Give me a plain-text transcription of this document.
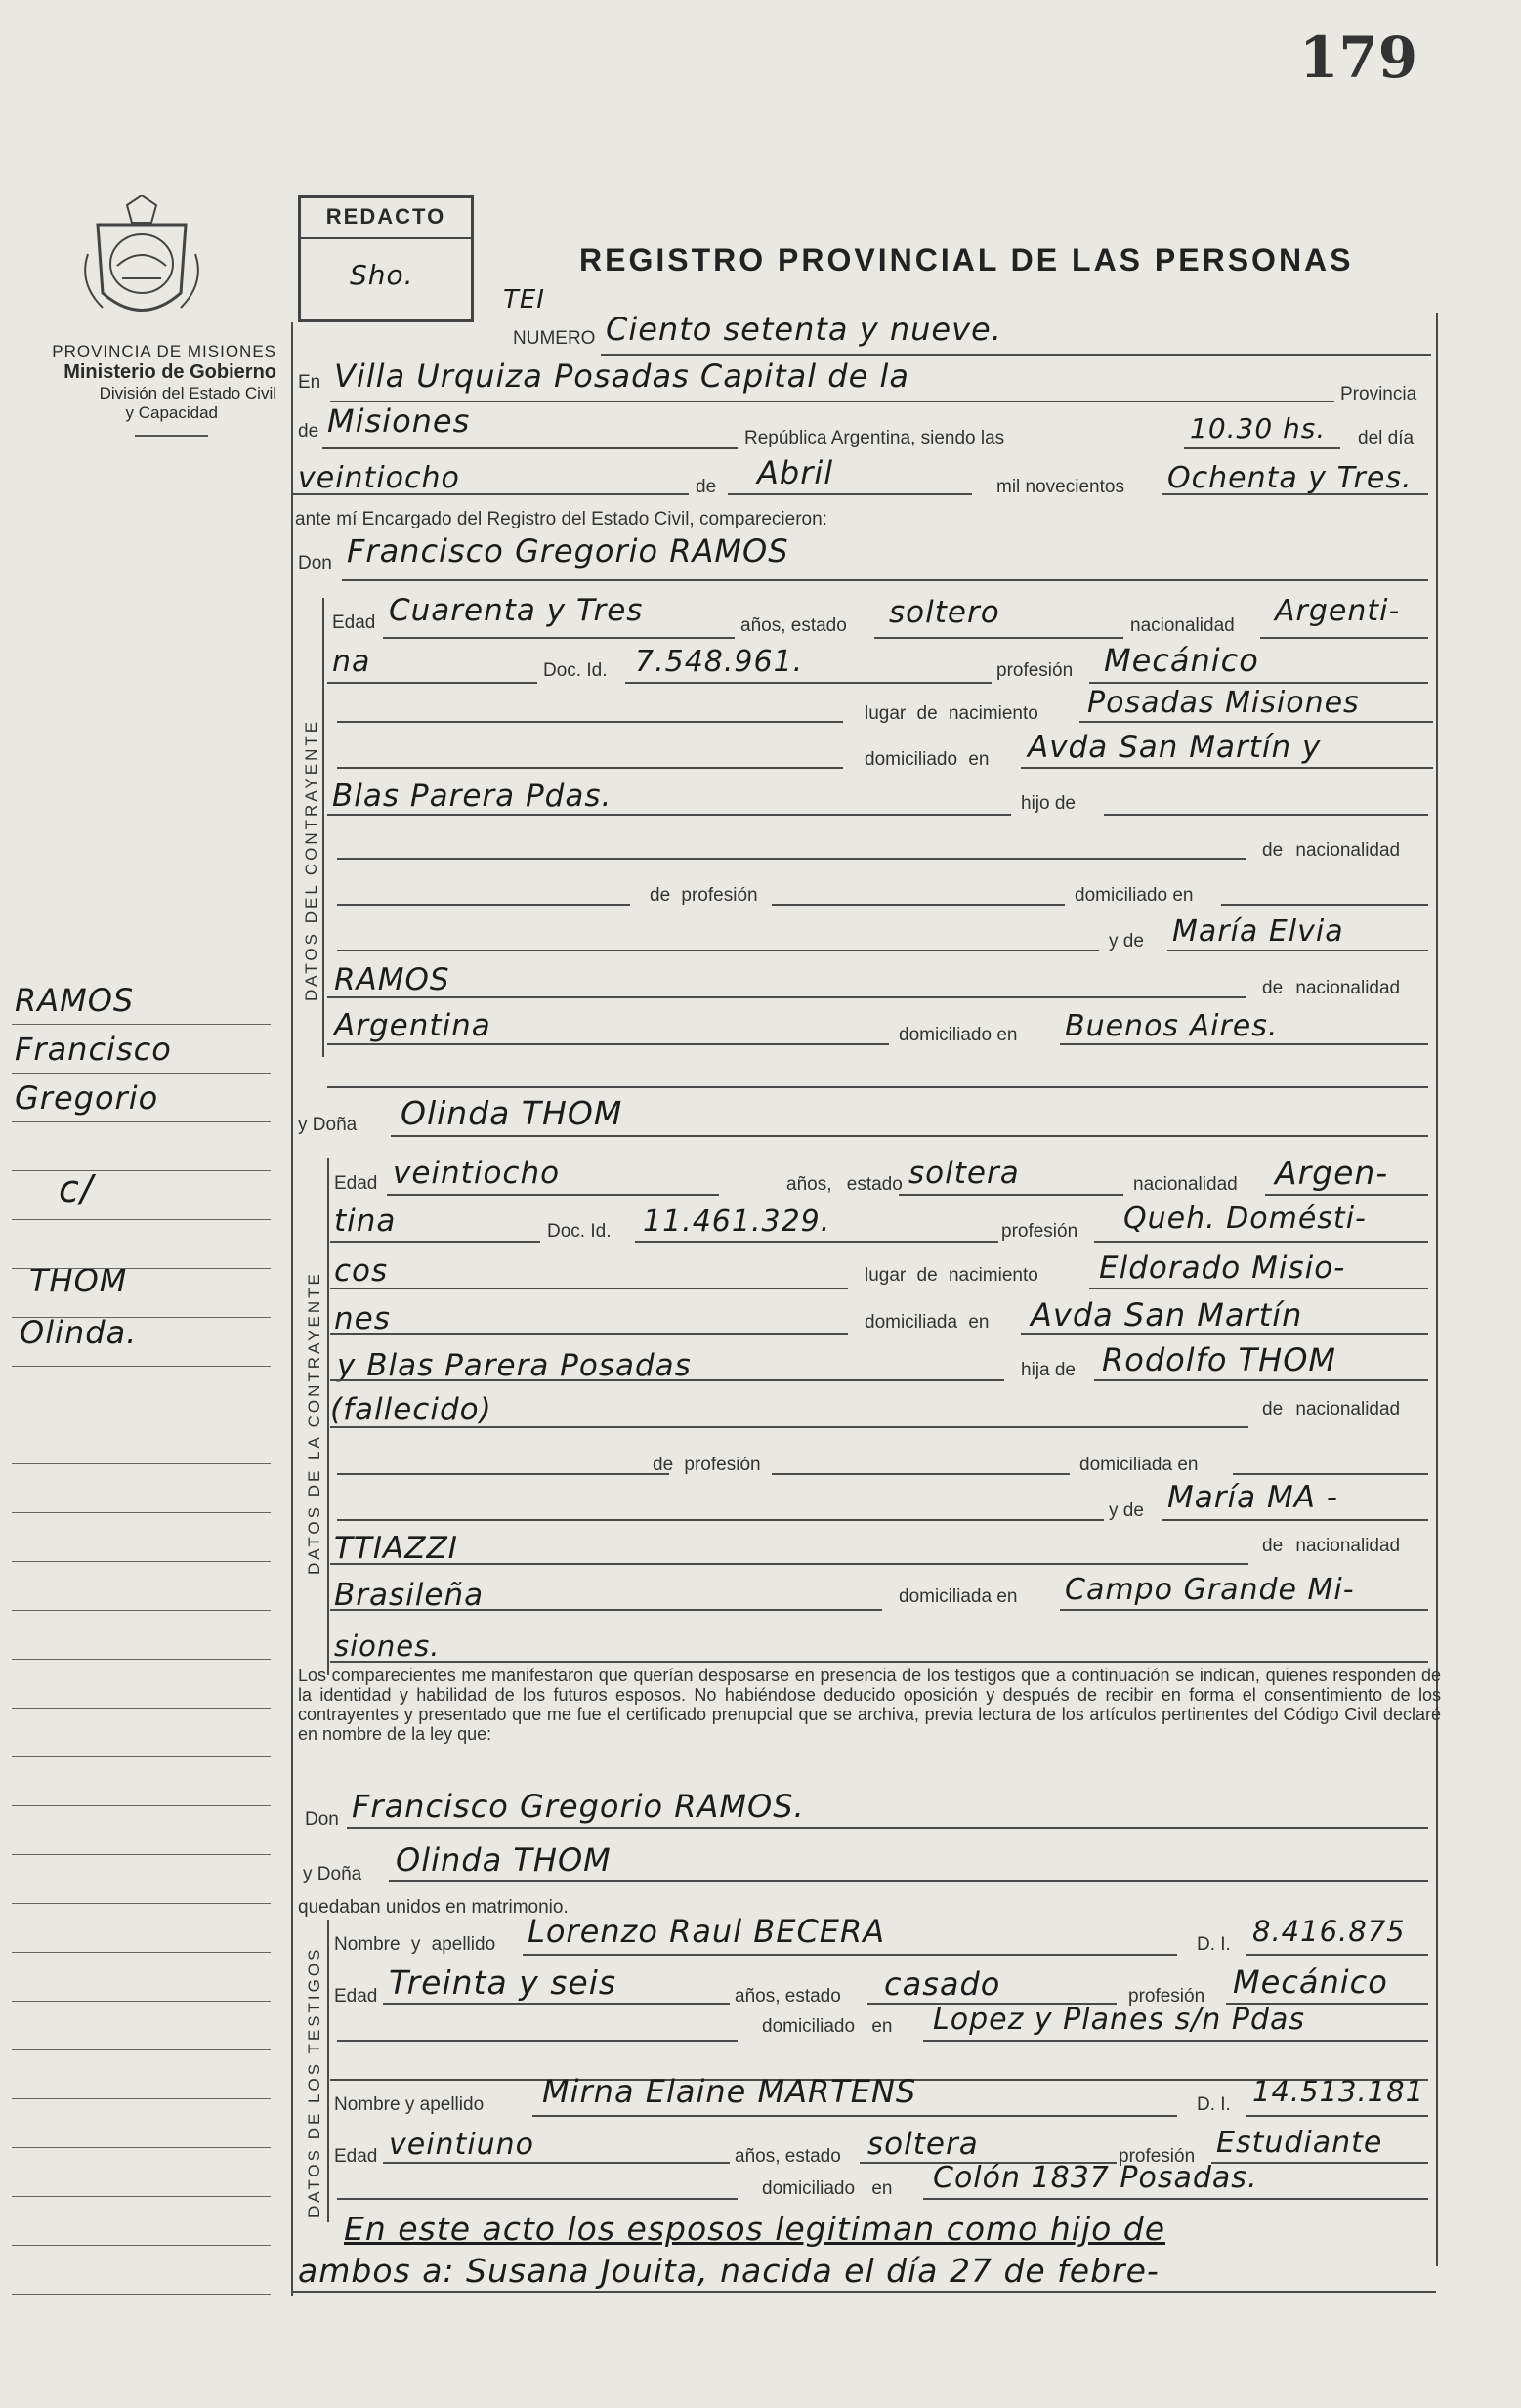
179
REDACTO
Sho.
PROVINCIA DE MISIONES
Ministerio de Gobierno
División del Estado Civil
y Capacidad
REGISTRO PROVINCIAL DE LAS PERSONAS
TEI
NUMERO Ciento setenta y nueve.
En Villa Urquiza Posadas Capital de la	Provincia
de Misiones	República Argentina, siendo las	10.30 hs. del día
veintiocho	de Abril	mil novecientos Ochenta y Tres.
ante mí Encargado del Registro del Estado Civil, comparecieron:
Don Francisco Gregorio RAMOS
DATOS DEL CONTRAYENTE
Edad Cuarenta y Tres	años, estado soltero	nacionalidad Argenti-
na	Doc. Id. 7.548.961.	profesión Mecánico
lugar de nacimiento Posadas Misiones
domiciliado en Avda San Martín y
Blas Parera Pdas.	hijo de
de nacionalidad
de profesión	domiciliado en
y de María Elvia
RAMOS	de nacionalidad
Argentina	domiciliado en Buenos Aires.
RAMOS
Francisco
Gregorio
c/
THOM
Olinda.
y Doña Olinda THOM
DATOS DE LA CONTRAYENTE
Edad veintiocho	años, estado soltera	nacionalidad Argen-
tina	Doc. Id. 11.461.329.	profesión Queh. Domésti-
cos	lugar de nacimiento Eldorado Misio-
nes	domiciliada en Avda San Martín
y Blas Parera Posadas	hija de Rodolfo THOM
(fallecido)	de nacionalidad
de profesión	domiciliada en
y de María MA -
TTIAZZI	de nacionalidad
Brasileña	domiciliada en Campo Grande Mi-
siones.
Los comparecientes me manifestaron que querían desposarse en presencia de los testigos que a continuación se indican, quienes responden de la identidad y habilidad de los futuros esposos. No habiéndose deducido oposición y después de recibir en forma el consentimiento de los contrayentes y presentado que me fue el certificado prenupcial que se archiva, previa lectura de los artículos pertinentes del Código Civil declaré en nombre de la ley que:
Don Francisco Gregorio RAMOS.
y Doña Olinda THOM
quedaban unidos en matrimonio.
DATOS DE LOS TESTIGOS
Nombre y apellido Lorenzo Raul BECERA	D. I. 8.416.875
Edad Treinta y seis	años, estado casado	profesión Mecánico
domiciliado en Lopez y Planes s/n Pdas
Nombre y apellido Mirna Elaine MARTENS	D. I. 14.513.181
Edad veintiuno	años, estado soltera	profesión Estudiante
domiciliado en Colón 1837 Posadas.
En este acto los esposos legitiman como hijo de
ambos a: Susana Jouita, nacida el día 27 de febre-
